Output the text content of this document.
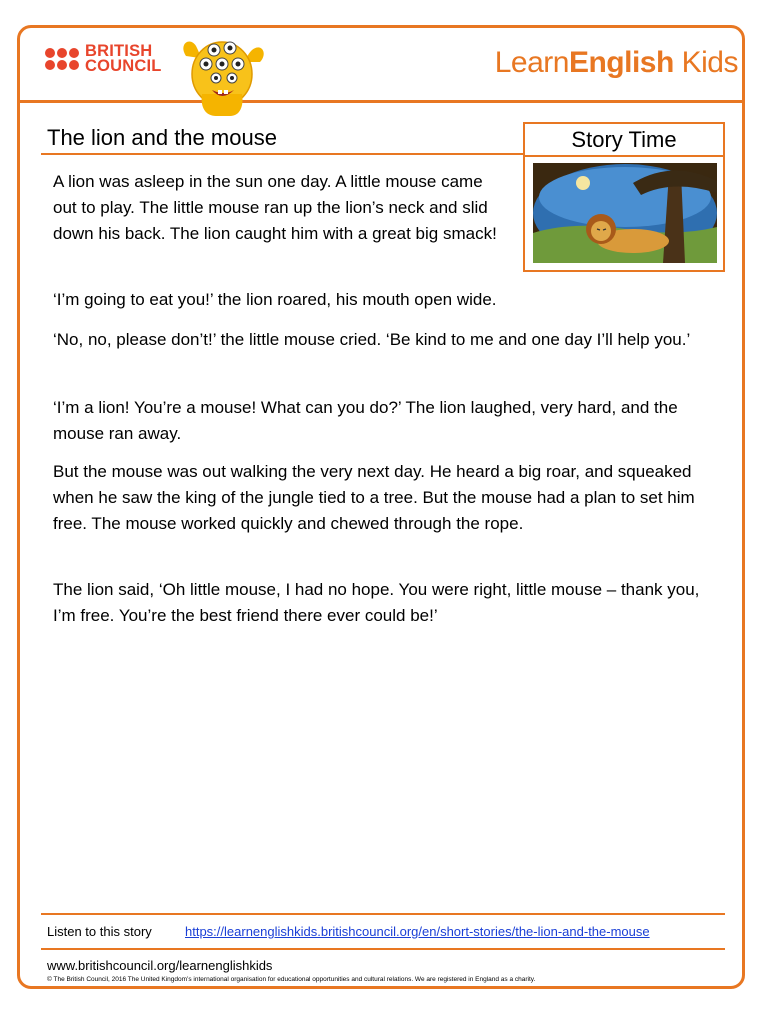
BRITISH
COUNCIL	LearnEnglish Kids
The lion and the mouse	Story Time

A lion was asleep in the sun one day. A little mouse came out to play. The little mouse ran up the lion’s neck and slid down his back. The lion caught him with a great big smack!

‘I’m going to eat you!’ the lion roared, his mouth open wide.

‘No, no, please don’t!’ the little mouse cried. ‘Be kind to me and one day I’ll help you.’

‘I’m a lion! You’re a mouse! What can you do?’ The lion laughed, very hard, and the mouse ran away.

But the mouse was out walking the very next day. He heard a big roar, and squeaked when he saw the king of the jungle tied to a tree. But the mouse had a plan to set him free. The mouse worked quickly and chewed through the rope.

The lion said, ‘Oh little mouse, I had no hope. You were right, little mouse – thank you, I’m free. You’re the best friend there ever could be!’

Listen to this story	https://learnenglishkids.britishcouncil.org/en/short-stories/the-lion-and-the-mouse
www.britishcouncil.org/learnenglishkids
© The British Council, 2016 The United Kingdom’s international organisation for educational opportunities and cultural relations. We are registered in England as a charity.
